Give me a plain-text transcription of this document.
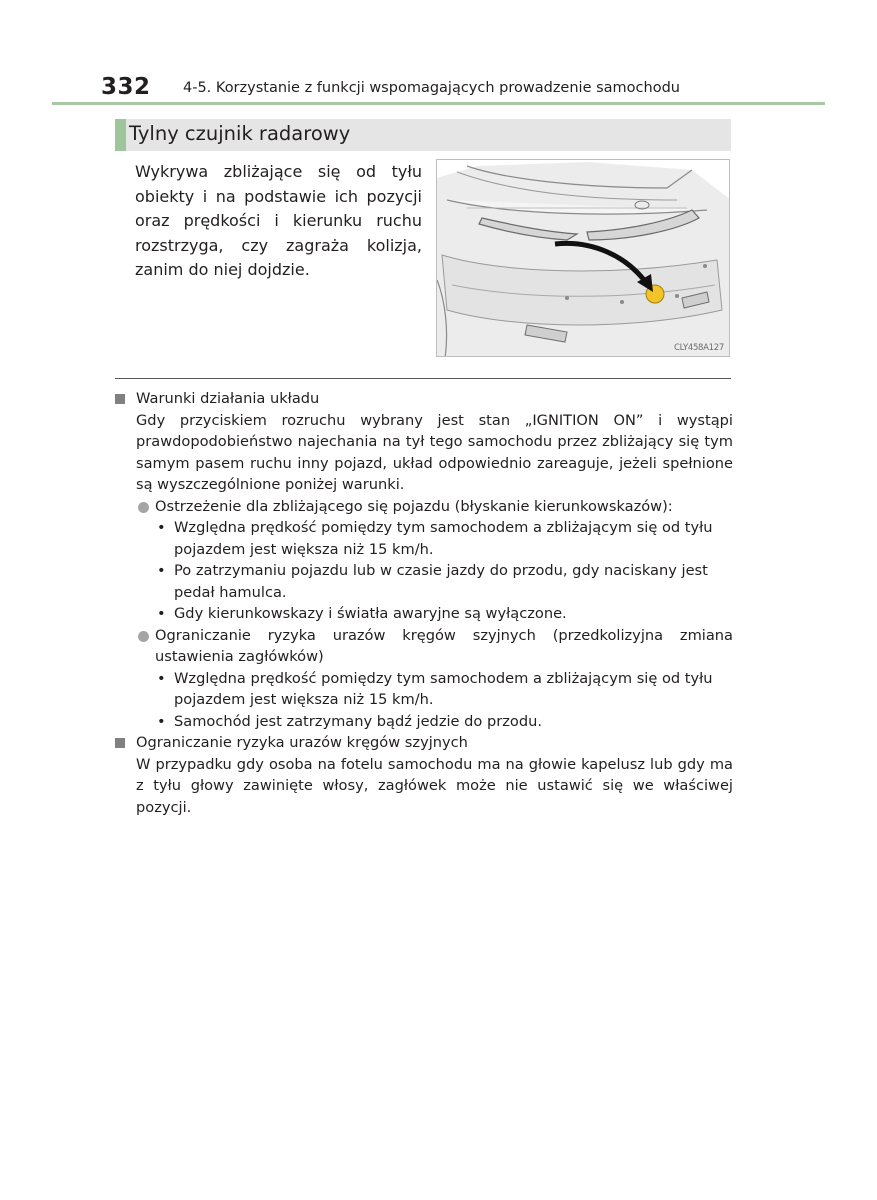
332 4-5. Korzystanie z funkcji wspomagających prowadzenie samochodu
Tylny czujnik radarowy
Wykrywa zbliżające się od tyłu obiekty i na podstawie ich pozycji oraz prędkości i kierunku ruchu rozstrzyga, czy zagraża kolizja, zanim do niej dojdzie.
CLY458A127

Warunki działania układu

Gdy przyciskiem rozruchu wybrany jest stan „IGNITION ON” i wystąpi prawdopodobieństwo najechania na tył tego samochodu przez zbliżający się tym samym pasem ruchu inny pojazd, układ odpowiednio zareaguje, jeżeli spełnione są wyszczególnione poniżej warunki.

Ostrzeżenie dla zbliżającego się pojazdu (błyskanie kierunkowskazów):

• Względna prędkość pomiędzy tym samochodem a zbliżającym się od tyłu pojazdem jest większa niż 15 km/h.

• Po zatrzymaniu pojazdu lub w czasie jazdy do przodu, gdy naciskany jest pedał hamulca.

• Gdy kierunkowskazy i światła awaryjne są wyłączone.

Ograniczanie ryzyka urazów kręgów szyjnych (przedkolizyjna zmiana ustawienia zagłówków)

• Względna prędkość pomiędzy tym samochodem a zbliżającym się od tyłu pojazdem jest większa niż 15 km/h.

• Samochód jest zatrzymany bądź jedzie do przodu.

Ograniczanie ryzyka urazów kręgów szyjnych

W przypadku gdy osoba na fotelu samochodu ma na głowie kapelusz lub gdy ma z tyłu głowy zawinięte włosy, zagłówek może nie ustawić się we właściwej pozycji.
